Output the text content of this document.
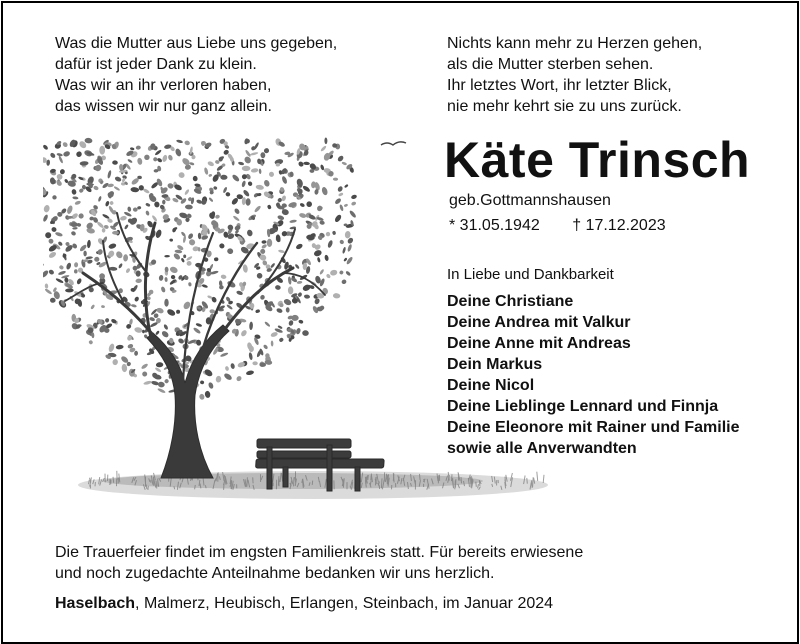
Was die Mutter aus Liebe uns gegeben,
dafür ist jeder Dank zu klein.
Was wir an ihr verloren haben,
das wissen wir nur ganz allein.
Nichts kann mehr zu Herzen gehen,
als die Mutter sterben sehen.
Ihr letztes Wort, ihr letzter Blick,
nie mehr kehrt sie zu uns zurück.
Käte Trinsch
geb.Gottmannshausen
* 31.05.1942 † 17.12.2023
In Liebe und Dankbarkeit
Deine Christiane
Deine Andrea mit Valkur
Deine Anne mit Andreas
Dein Markus
Deine Nicol
Deine Lieblinge Lennard und Finnja
Deine Eleonore mit Rainer und Familie
sowie alle Anverwandten
Die Trauerfeier findet im engsten Familienkreis statt. Für bereits erwiesene
und noch zugedachte Anteilnahme bedanken wir uns herzlich.
Haselbach, Malmerz, Heubisch, Erlangen, Steinbach, im Januar 2024
